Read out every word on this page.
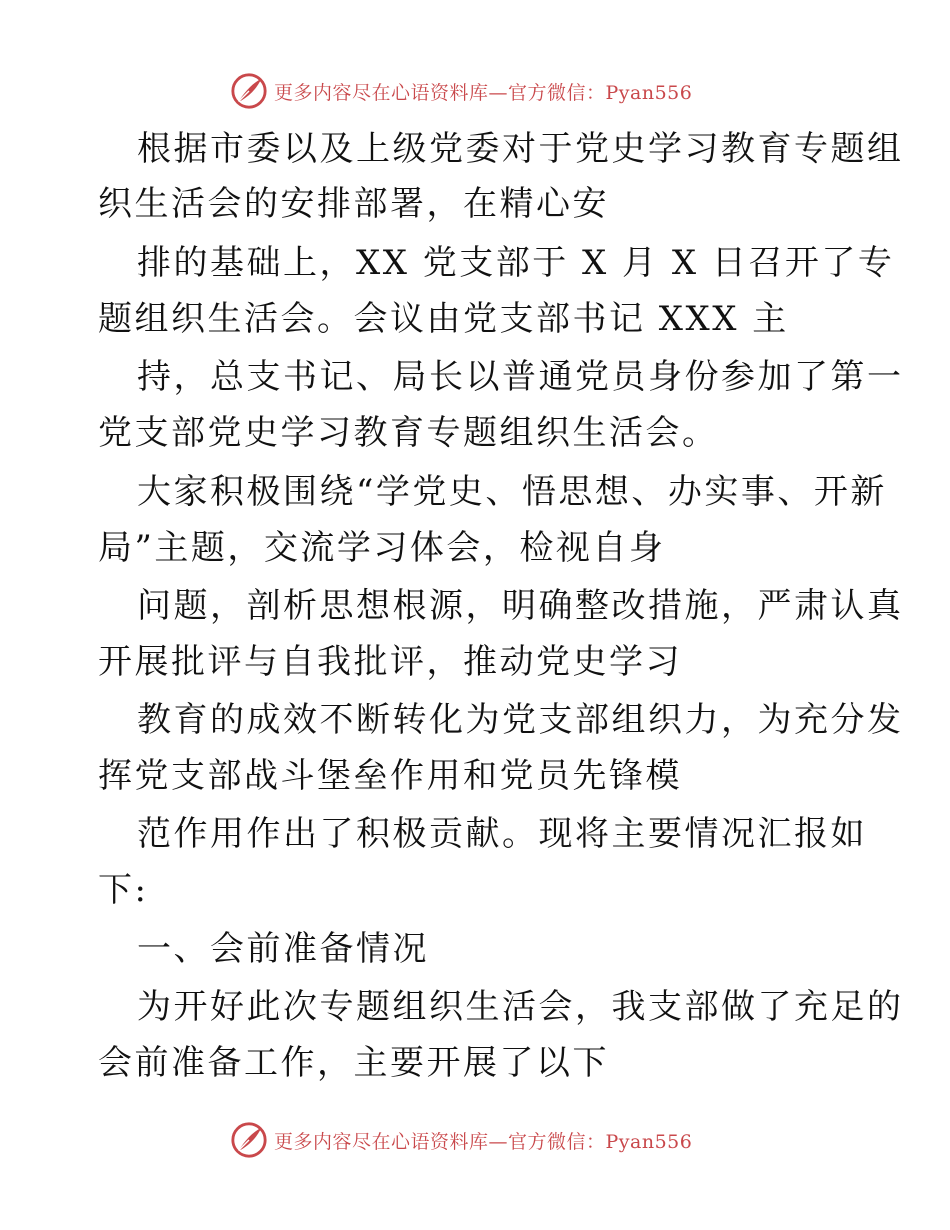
更多内容尽在心语资料库—官方微信：Pyan556
根据市委以及上级党委对于党史学习教育专题组
织生活会的安排部署，在精心安
排的基础上，XX 党支部于 X 月 X 日召开了专
题组织生活会。会议由党支部书记 XXX 主
持，总支书记、局长以普通党员身份参加了第一
党支部党史学习教育专题组织生活会。
大家积极围绕“学党史、悟思想、办实事、开新
局”主题，交流学习体会，检视自身
问题，剖析思想根源，明确整改措施，严肃认真
开展批评与自我批评，推动党史学习
教育的成效不断转化为党支部组织力，为充分发
挥党支部战斗堡垒作用和党员先锋模
范作用作出了积极贡献。现将主要情况汇报如
下:
一、会前准备情况
为开好此次专题组织生活会，我支部做了充足的
会前准备工作，主要开展了以下
更多内容尽在心语资料库—官方微信：Pyan556
